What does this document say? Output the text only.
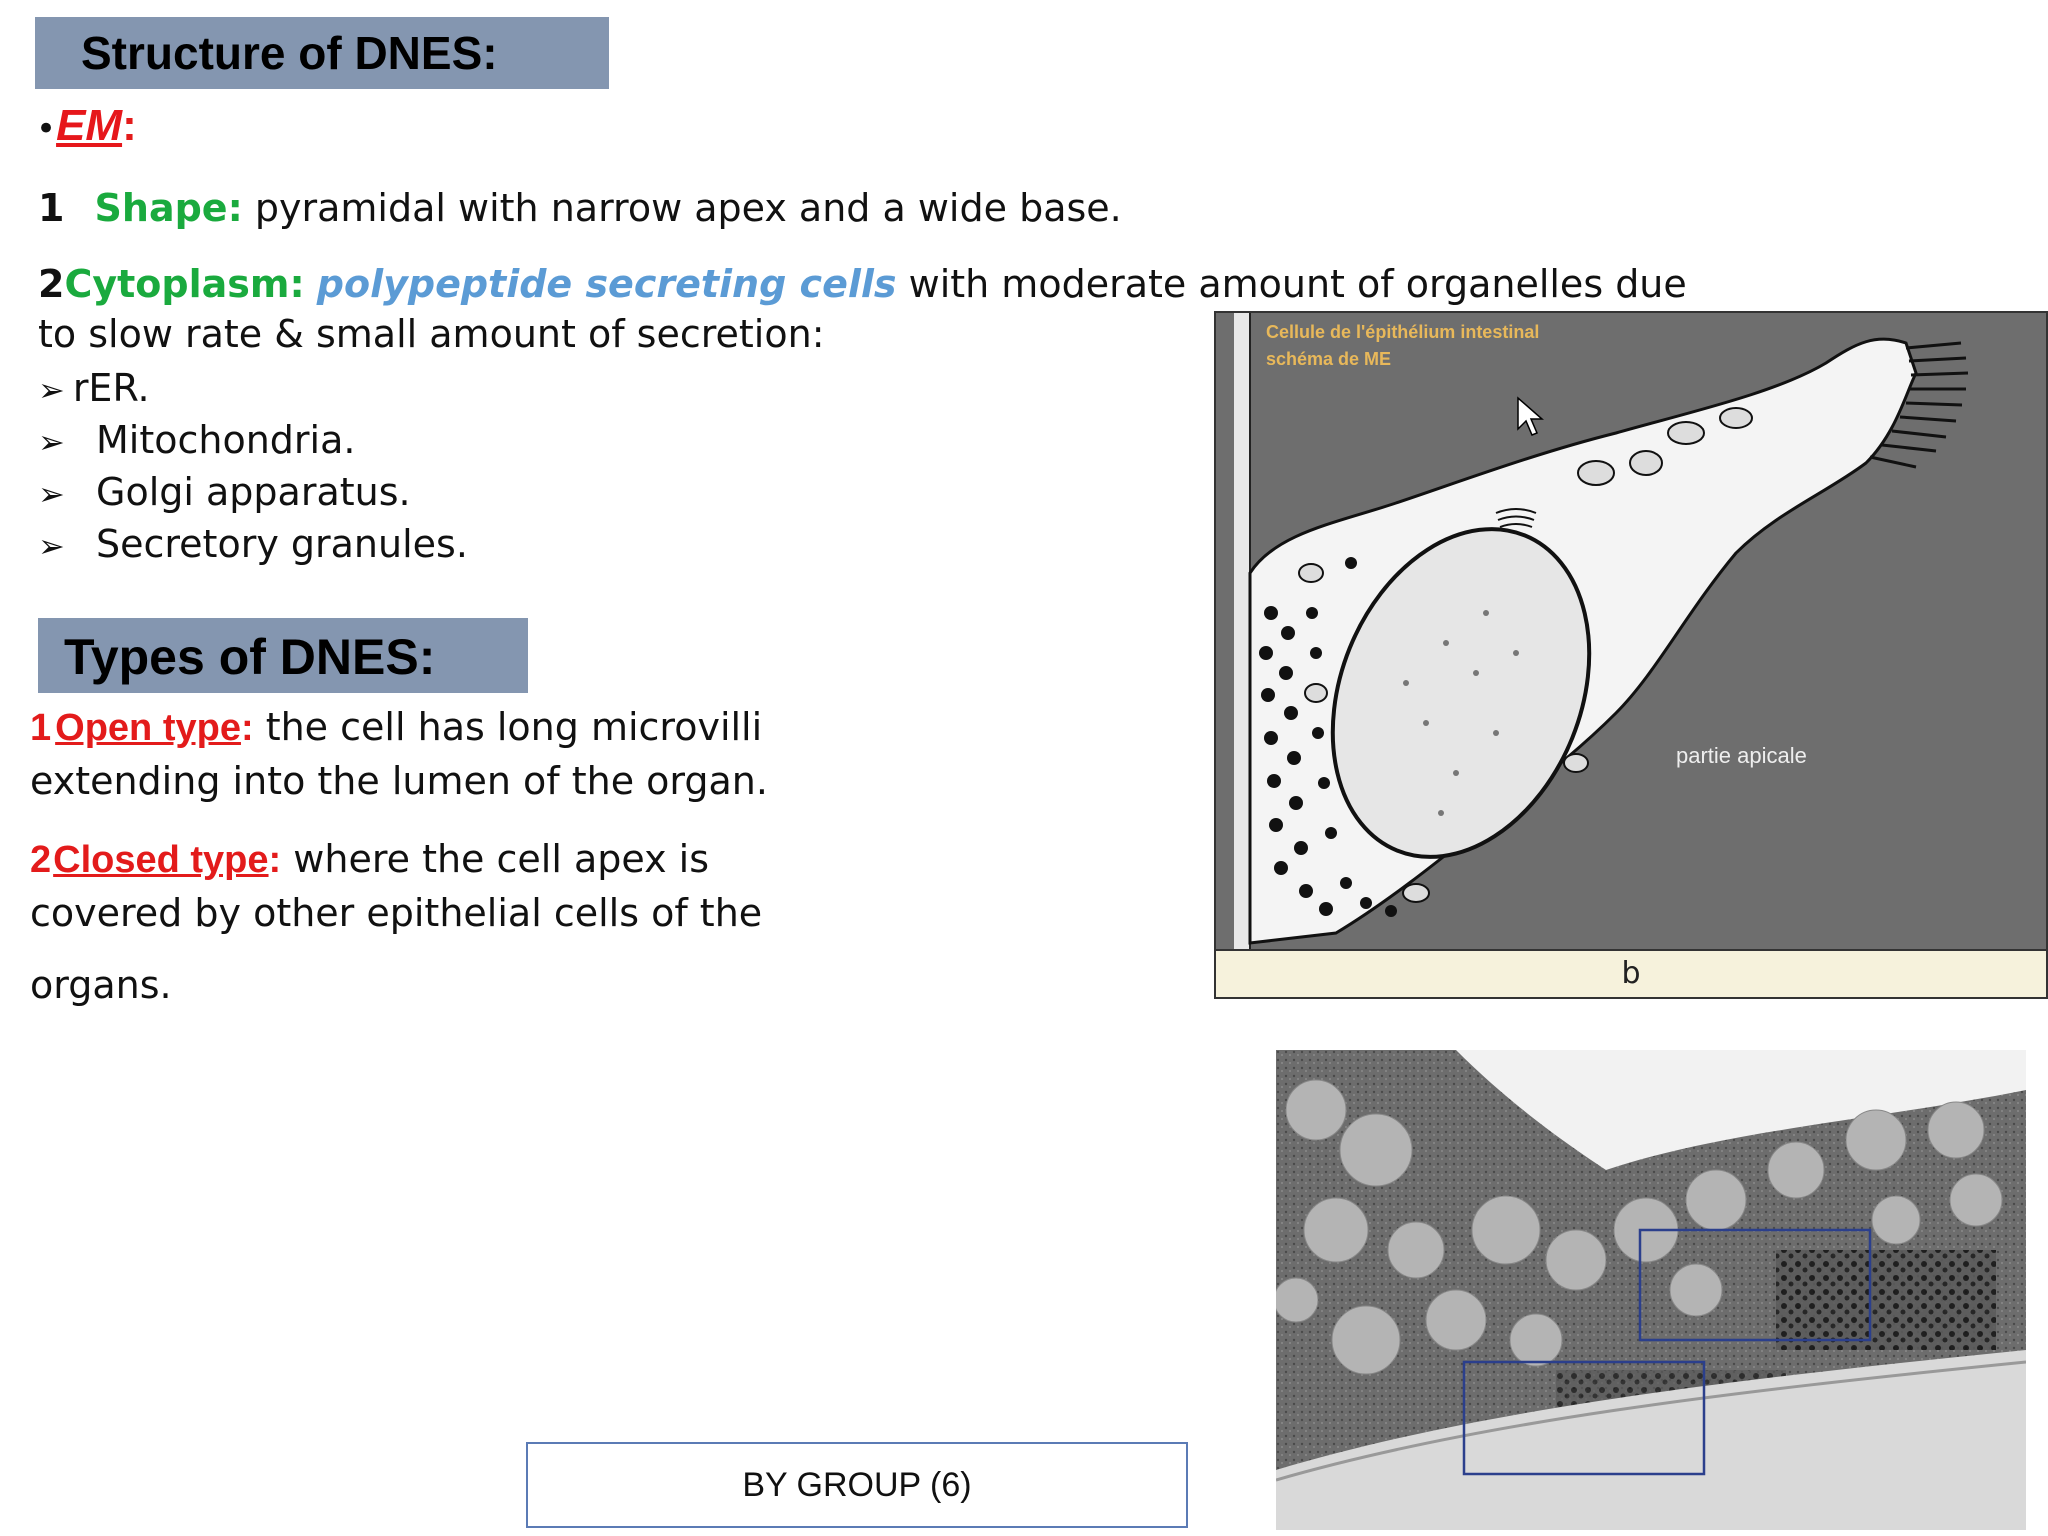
Structure of DNES:
•EM:
1 Shape: pyramidal with narrow apex and a wide base.
2Cytoplasm: polypeptide secreting cells with moderate amount of organelles due
to slow rate & small amount of secretion:
➢ rER.
➢ Mitochondria.
➢ Golgi apparatus.
➢ Secretory granules.
Types of DNES:
1 Open type: the cell has long microvilli
extending into the lumen of the organ.
2Closed type: where the cell apex is
covered by other epithelial cells of the
organs.
Cellule de l'épithélium intestinal
schéma de ME
partie apicale
b
BY GROUP (6)
